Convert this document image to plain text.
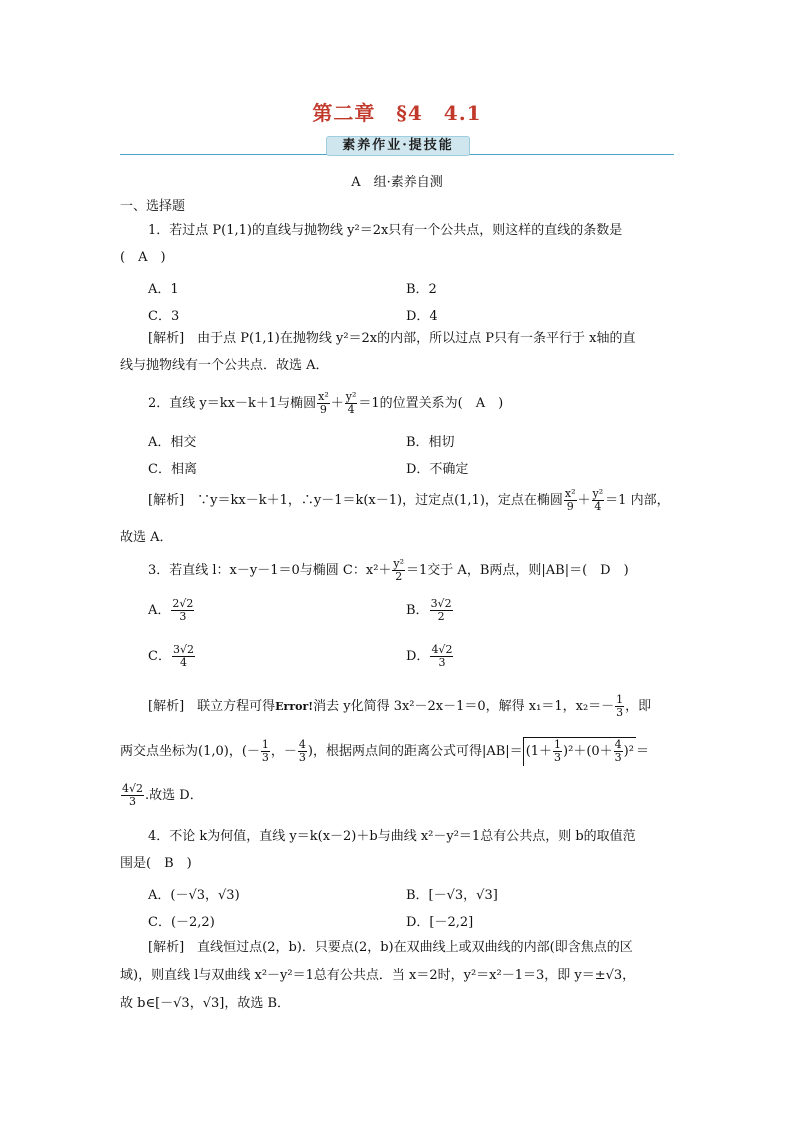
第二章　§4　4.1
素养作业·提技能
A　组·素养自测
一、选择题
1．若过点 P(1,1)的直线与抛物线 y²＝2x只有一个公共点，则这样的直线的条数是
(　A　)
A．1	B．2
C．3	D．4
[解析]　由于点 P(1,1)在抛物线 y²＝2x的内部，所以过点 P只有一条平行于 x轴的直
线与抛物线有一个公共点．故选 A．
2．直线 y＝kx－k＋1与椭圆 $\frac{\text{x²}}{9} + \frac{\text{y²}}{4} =1$的位置关系为(　A　)
A．相交	B．相切
C．相离	D．不确定
[解析]　∵y＝kx－k＋1，∴y－1＝k(x－1)，过定点(1,1)，定点在椭圆 $\frac{\text{x²}}{9} + \frac{\text{y²}}{4} =1$ 内部，
故选 A．
3．若直线 l：x－y－1＝0与椭圆 C：$x^2+ \frac{\text{y²}}{2} =1$交于 A，B两点，则|AB|＝(　D　)
A． $\frac{2√2}{3}$	B． $\frac{3√2}{2}$
C． $\frac{3√2}{4}$	D． $\frac{4√2}{3}$
[解析]　联立方程可得Error!消去 y化简得 3x²－2x－1＝0，解得 x₁＝1，$x_2=- \frac{1}{3}$ ，即
两交点坐标为(1,0)，(－ $\frac{1}{3}$ ，－ $\frac{4}{3}$ )，根据两点间的距离公式可得$|AB|= (1+ \frac{1}{3} )^2+(0+ \frac{4}{3} )^2$ ＝
$\frac{4√2}{3}$ .故选 D．
4．不论 k为何值，直线 y＝k(x－2)＋b与曲线 x²－y²＝1总有公共点，则 b的取值范
围是(　B　)
A．(－√3，√3)	B．[－√3，√3]
C．(－2,2)	D．[－2,2]
[解析]　直线恒过点(2，b)．只要点(2，b)在双曲线上或双曲线的内部(即含焦点的区
域)，则直线 l与双曲线 x²－y²＝1总有公共点．当 x＝2时，y²＝x²－1＝3，即 y＝±√3，
故 b∈[－√3，√3]，故选 B．
